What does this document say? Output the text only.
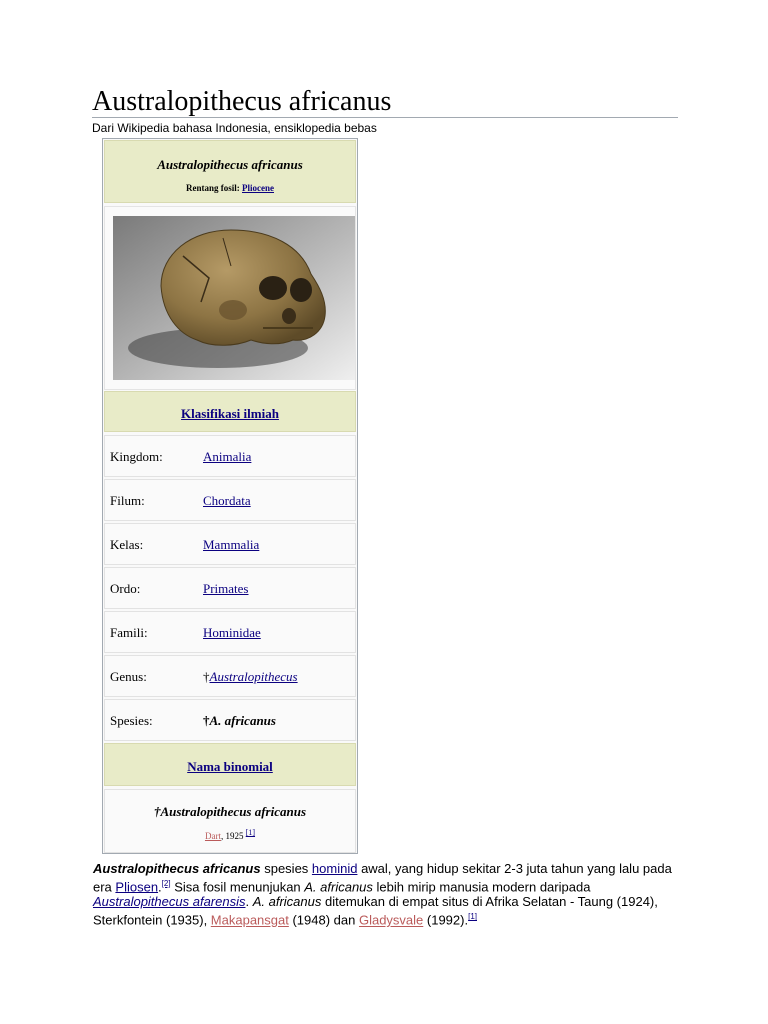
Australopithecus africanus
Dari Wikipedia bahasa Indonesia, ensiklopedia bebas
Australopithecus africanus
Rentang fosil: Pliocene
Klasifikasi ilmiah
Kingdom:	Animalia
Filum:	Chordata
Kelas:	Mammalia
Ordo:	Primates
Famili:	Hominidae
Genus:	†Australopithecus
Spesies:	†A. africanus
Nama binomial
†Australopithecus africanus
Dart, 1925 [1]

Australopithecus africanus spesies hominid awal, yang hidup sekitar 2-3 juta tahun yang lalu pada era Pliosen.[2] Sisa fosil menunjukan A. africanus lebih mirip manusia modern daripada Australopithecus afarensis. A. africanus ditemukan di empat situs di Afrika Selatan - Taung (1924), Sterkfontein (1935), Makapansgat (1948) dan Gladysvale (1992).[1]
